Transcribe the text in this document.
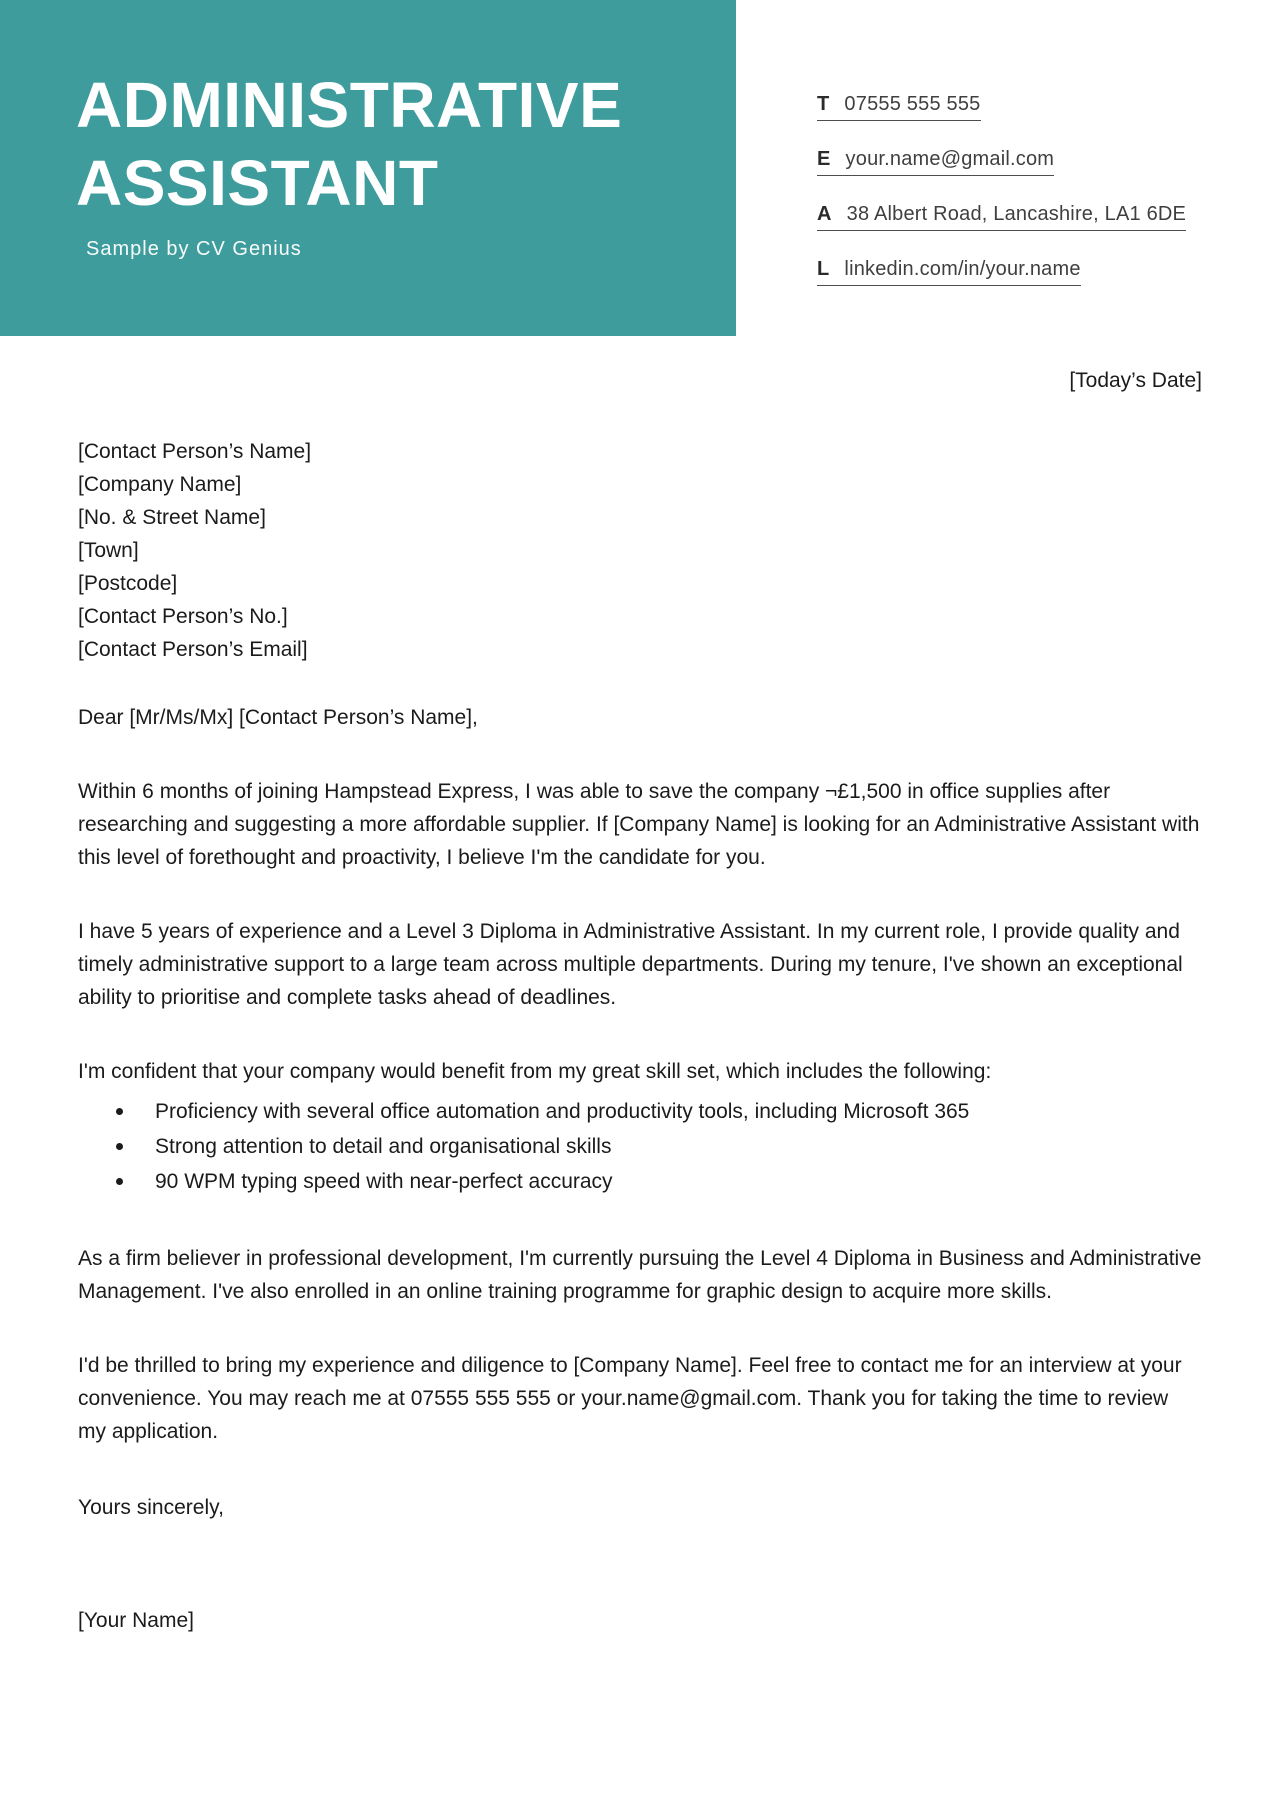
ADMINISTRATIVE
ASSISTANT
Sample by CV Genius
T 07555 555 555
E your.name@gmail.com
A 38 Albert Road, Lancashire, LA1 6DE
L linkedin.com/in/your.name
[Today’s Date]
[Contact Person’s Name]
[Company Name]
[No. & Street Name]
[Town]
[Postcode]
[Contact Person’s No.]
[Contact Person’s Email]
Dear [Mr/Ms/Mx] [Contact Person’s Name],

Within 6 months of joining Hampstead Express, I was able to save the company ¬£1,500 in office supplies after researching and suggesting a more affordable supplier. If [Company Name] is looking for an Administrative Assistant with this level of forethought and proactivity, I believe I'm the candidate for you.

I have 5 years of experience and a Level 3 Diploma in Administrative Assistant. In my current role, I provide quality and timely administrative support to a large team across multiple departments. During my tenure, I've shown an exceptional ability to prioritise and complete tasks ahead of deadlines.

I'm confident that your company would benefit from my great skill set, which includes the following:

Proficiency with several office automation and productivity tools, including Microsoft 365
Strong attention to detail and organisational skills
90 WPM typing speed with near-perfect accuracy

As a firm believer in professional development, I'm currently pursuing the Level 4 Diploma in Business and Administrative Management. I've also enrolled in an online training programme for graphic design to acquire more skills.

I'd be thrilled to bring my experience and diligence to [Company Name]. Feel free to contact me for an interview at your convenience. You may reach me at 07555 555 555 or your.name@gmail.com. Thank you for taking the time to review my application.

Yours sincerely,
[Your Name]
